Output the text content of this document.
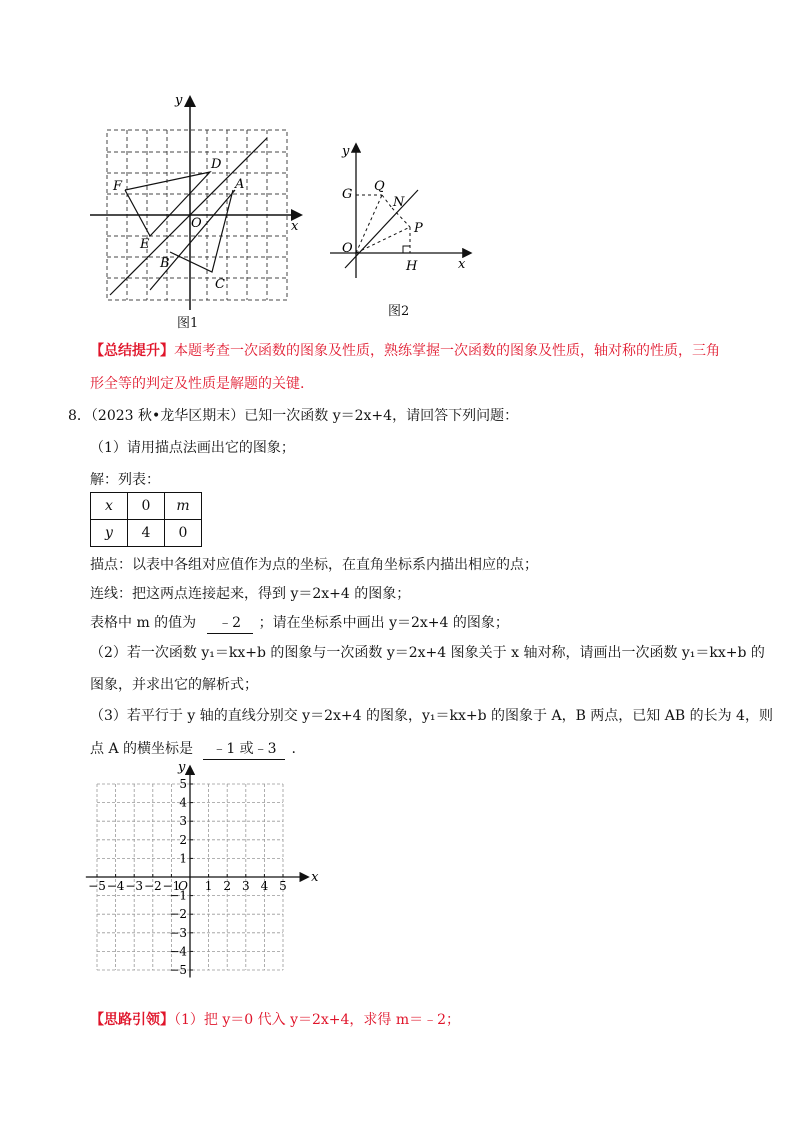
y
x
O
A
B
C
D
E
F
图1
y
x
O
G
Q
N
P
H
图2
【总结提升】本题考查一次函数的图象及性质，熟练掌握一次函数的图象及性质，轴对称的性质，三角
形全等的判定及性质是解题的关键.
8．（2023 秋•龙华区期末）已知一次函数 y＝2x+4，请回答下列问题：
（1）请用描点法画出它的图象；
解：列表：
x	0	m
y	4	0
描点：以表中各组对应值作为点的坐标，在直角坐标系内描出相应的点；
连线：把这两点连接起来，得到 y＝2x+4 的图象；
表格中 m 的值为 ﹣2 ；请在坐标系中画出 y＝2x+4 的图象；
（2）若一次函数 y₁＝kx+b 的图象与一次函数 y＝2x+4 图象关于 x 轴对称，请画出一次函数 y₁＝kx+b 的
图象，并求出它的解析式；
（3）若平行于 y 轴的直线分别交 y＝2x+4 的图象，y₁＝kx+b 的图象于 A，B 两点，已知 AB 的长为 4，则
点 A 的横坐标是 ﹣1 或﹣3 .
−5 −4 −3 −2 −1 1 2 3 4 5
5
4
3
2
1
−1
−2
−3
−4
−5
O
x
y
【思路引领】（1）把 y＝0 代入 y＝2x+4，求得 m＝﹣2；
